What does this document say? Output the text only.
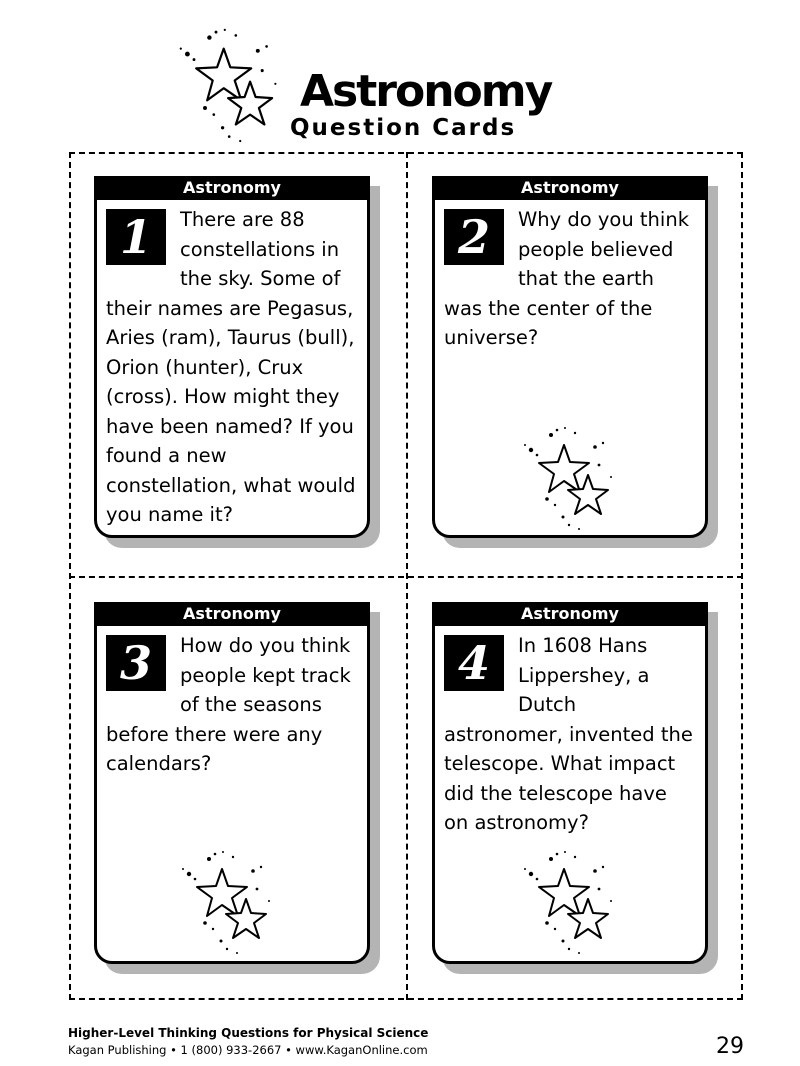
Astronomy
Question Cards
Astronomy

1	There are 88 constellations in the sky. Some of their names are Pegasus, Aries (ram), Taurus (bull), Orion (hunter), Crux (cross). How might they have been named? If you found a new constellation, what would you name it?

Astronomy

2	Why do you think people believed that the earth was the center of the universe?

Astronomy

3	How do you think people kept track of the seasons before there were any calendars?

Astronomy

4	In 1608 Hans Lippershey, a Dutch astronomer, invented the telescope. What impact did the telescope have on astronomy?

Higher-Level Thinking Questions for Physical Science

Kagan Publishing • 1 (800) 933-2667 • www.KaganOnline.com	29
